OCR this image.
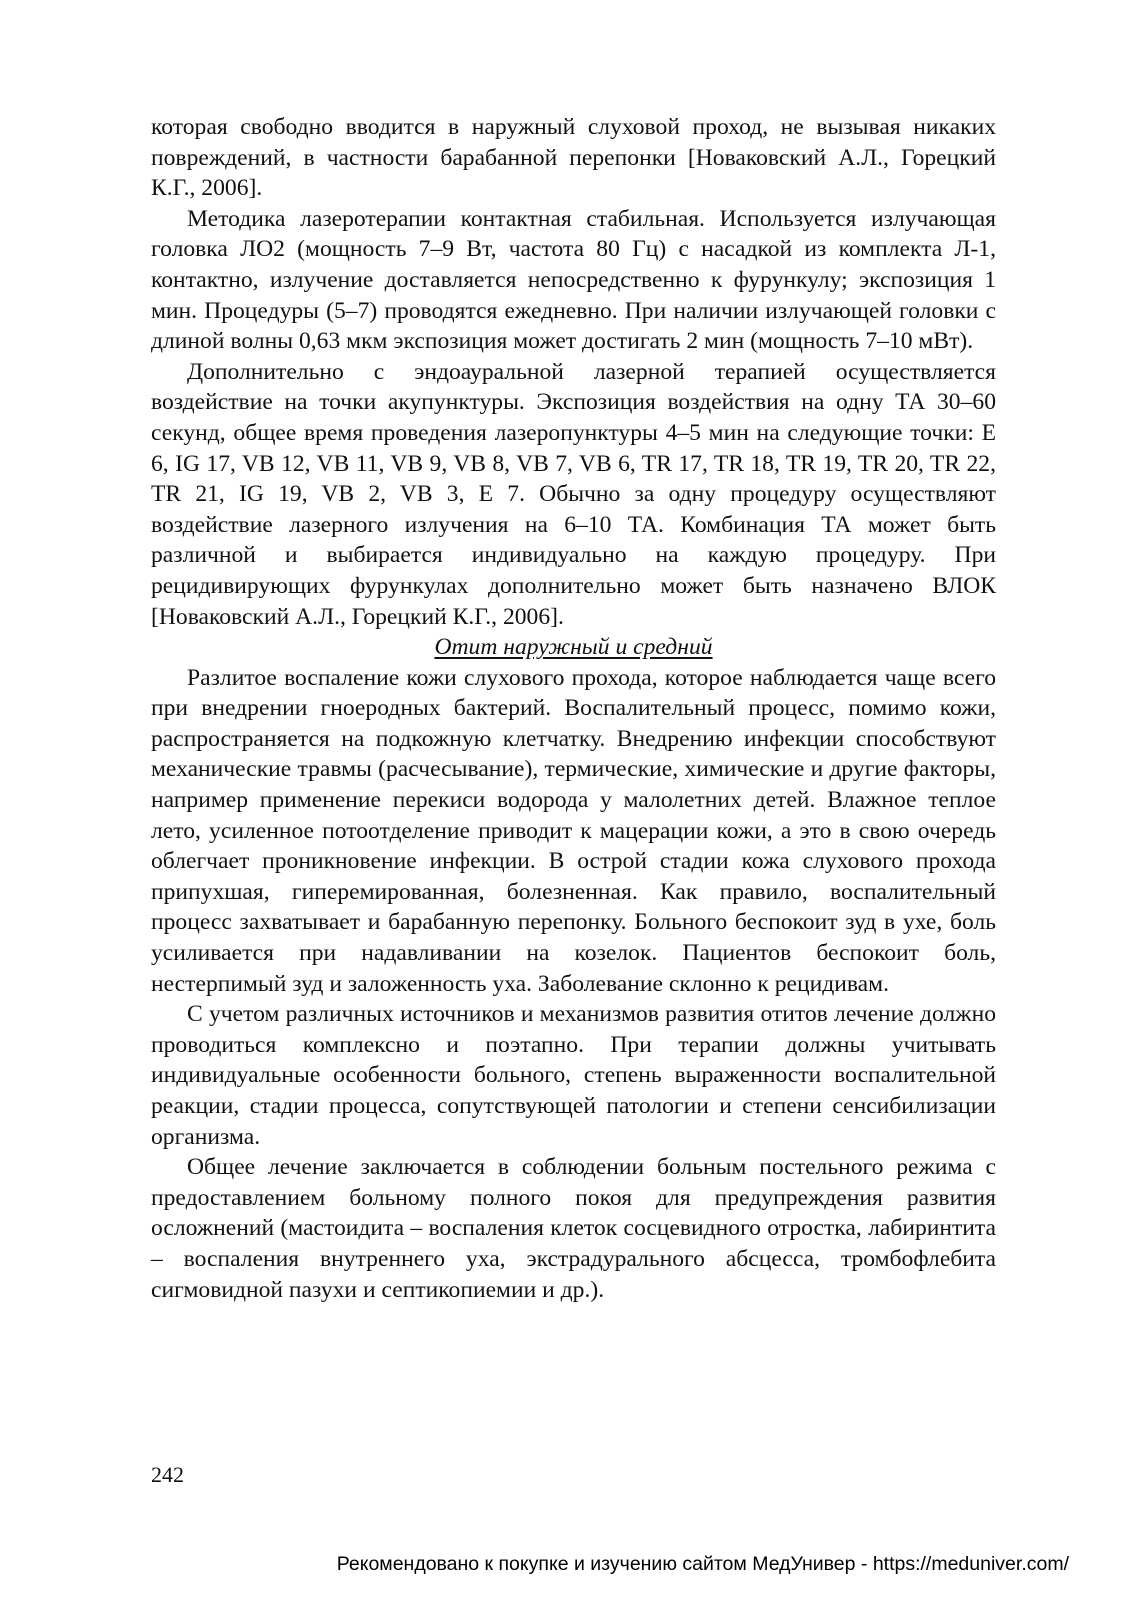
которая свободно вводится в наружный слуховой проход, не вызывая никаких повреждений, в частности барабанной перепонки [Новаковский А.Л., Горецкий К.Г., 2006].

Методика лазеротерапии контактная стабильная. Используется излучающая головка ЛО2 (мощность 7–9 Вт, частота 80 Гц) с насадкой из комплекта Л-1, контактно, излучение доставляется непосредственно к фурункулу; экспозиция 1 мин. Процедуры (5–7) проводятся ежедневно. При наличии излучающей головки с длиной волны 0,63 мкм экспозиция может достигать 2 мин (мощность 7–10 мВт).

Дополнительно с эндоауральной лазерной терапией осуществляется воздействие на точки акупунктуры. Экспозиция воздействия на одну ТА 30–60 секунд, общее время проведения лазеропунктуры 4–5 мин на следующие точки: E 6, IG 17, VB 12, VB 11, VB 9, VB 8, VB 7, VB 6, TR 17, TR 18, TR 19, TR 20, TR 22, TR 21, IG 19, VB 2, VB 3, E 7. Обычно за одну процедуру осуществляют воздействие лазерного излучения на 6–10 ТА. Комбинация ТА может быть различной и выбирается индивидуально на каждую процедуру. При рецидивирующих фурункулах дополнительно может быть назначено ВЛОК [Новаковский А.Л., Горецкий К.Г., 2006].

Отит наружный и средний

Разлитое воспаление кожи слухового прохода, которое наблюдается чаще всего при внедрении гноеродных бактерий. Воспалительный процесс, помимо кожи, распространяется на подкожную клетчатку. Внедрению инфекции способствуют механические травмы (расчесывание), термические, химические и другие факторы, например применение перекиси водорода у малолетних детей. Влажное теплое лето, усиленное потоотделение приводит к мацерации кожи, а это в свою очередь облегчает проникновение инфекции. В острой стадии кожа слухового прохода припухшая, гиперемированная, болезненная. Как правило, воспалительный процесс захватывает и барабанную перепонку. Больного беспокоит зуд в ухе, боль усиливается при надавливании на козелок. Пациентов беспокоит боль, нестерпимый зуд и заложенность уха. Заболевание склонно к рецидивам.

С учетом различных источников и механизмов развития отитов лечение должно проводиться комплексно и поэтапно. При терапии должны учитывать индивидуальные особенности больного, степень выраженности воспалительной реакции, стадии процесса, сопутствующей патологии и степени сенсибилизации организма.

Общее лечение заключается в соблюдении больным постельного режима с предоставлением больному полного покоя для предупреждения развития осложнений (мастоидита – воспаления клеток сосцевидного отростка, лабиринтита – воспаления внутреннего уха, экстрадурального абсцесса, тромбофлебита сигмовидной пазухи и септикопиемии и др.).

242
Рекомендовано к покупке и изучению сайтом МедУнивер - https://meduniver.com/
